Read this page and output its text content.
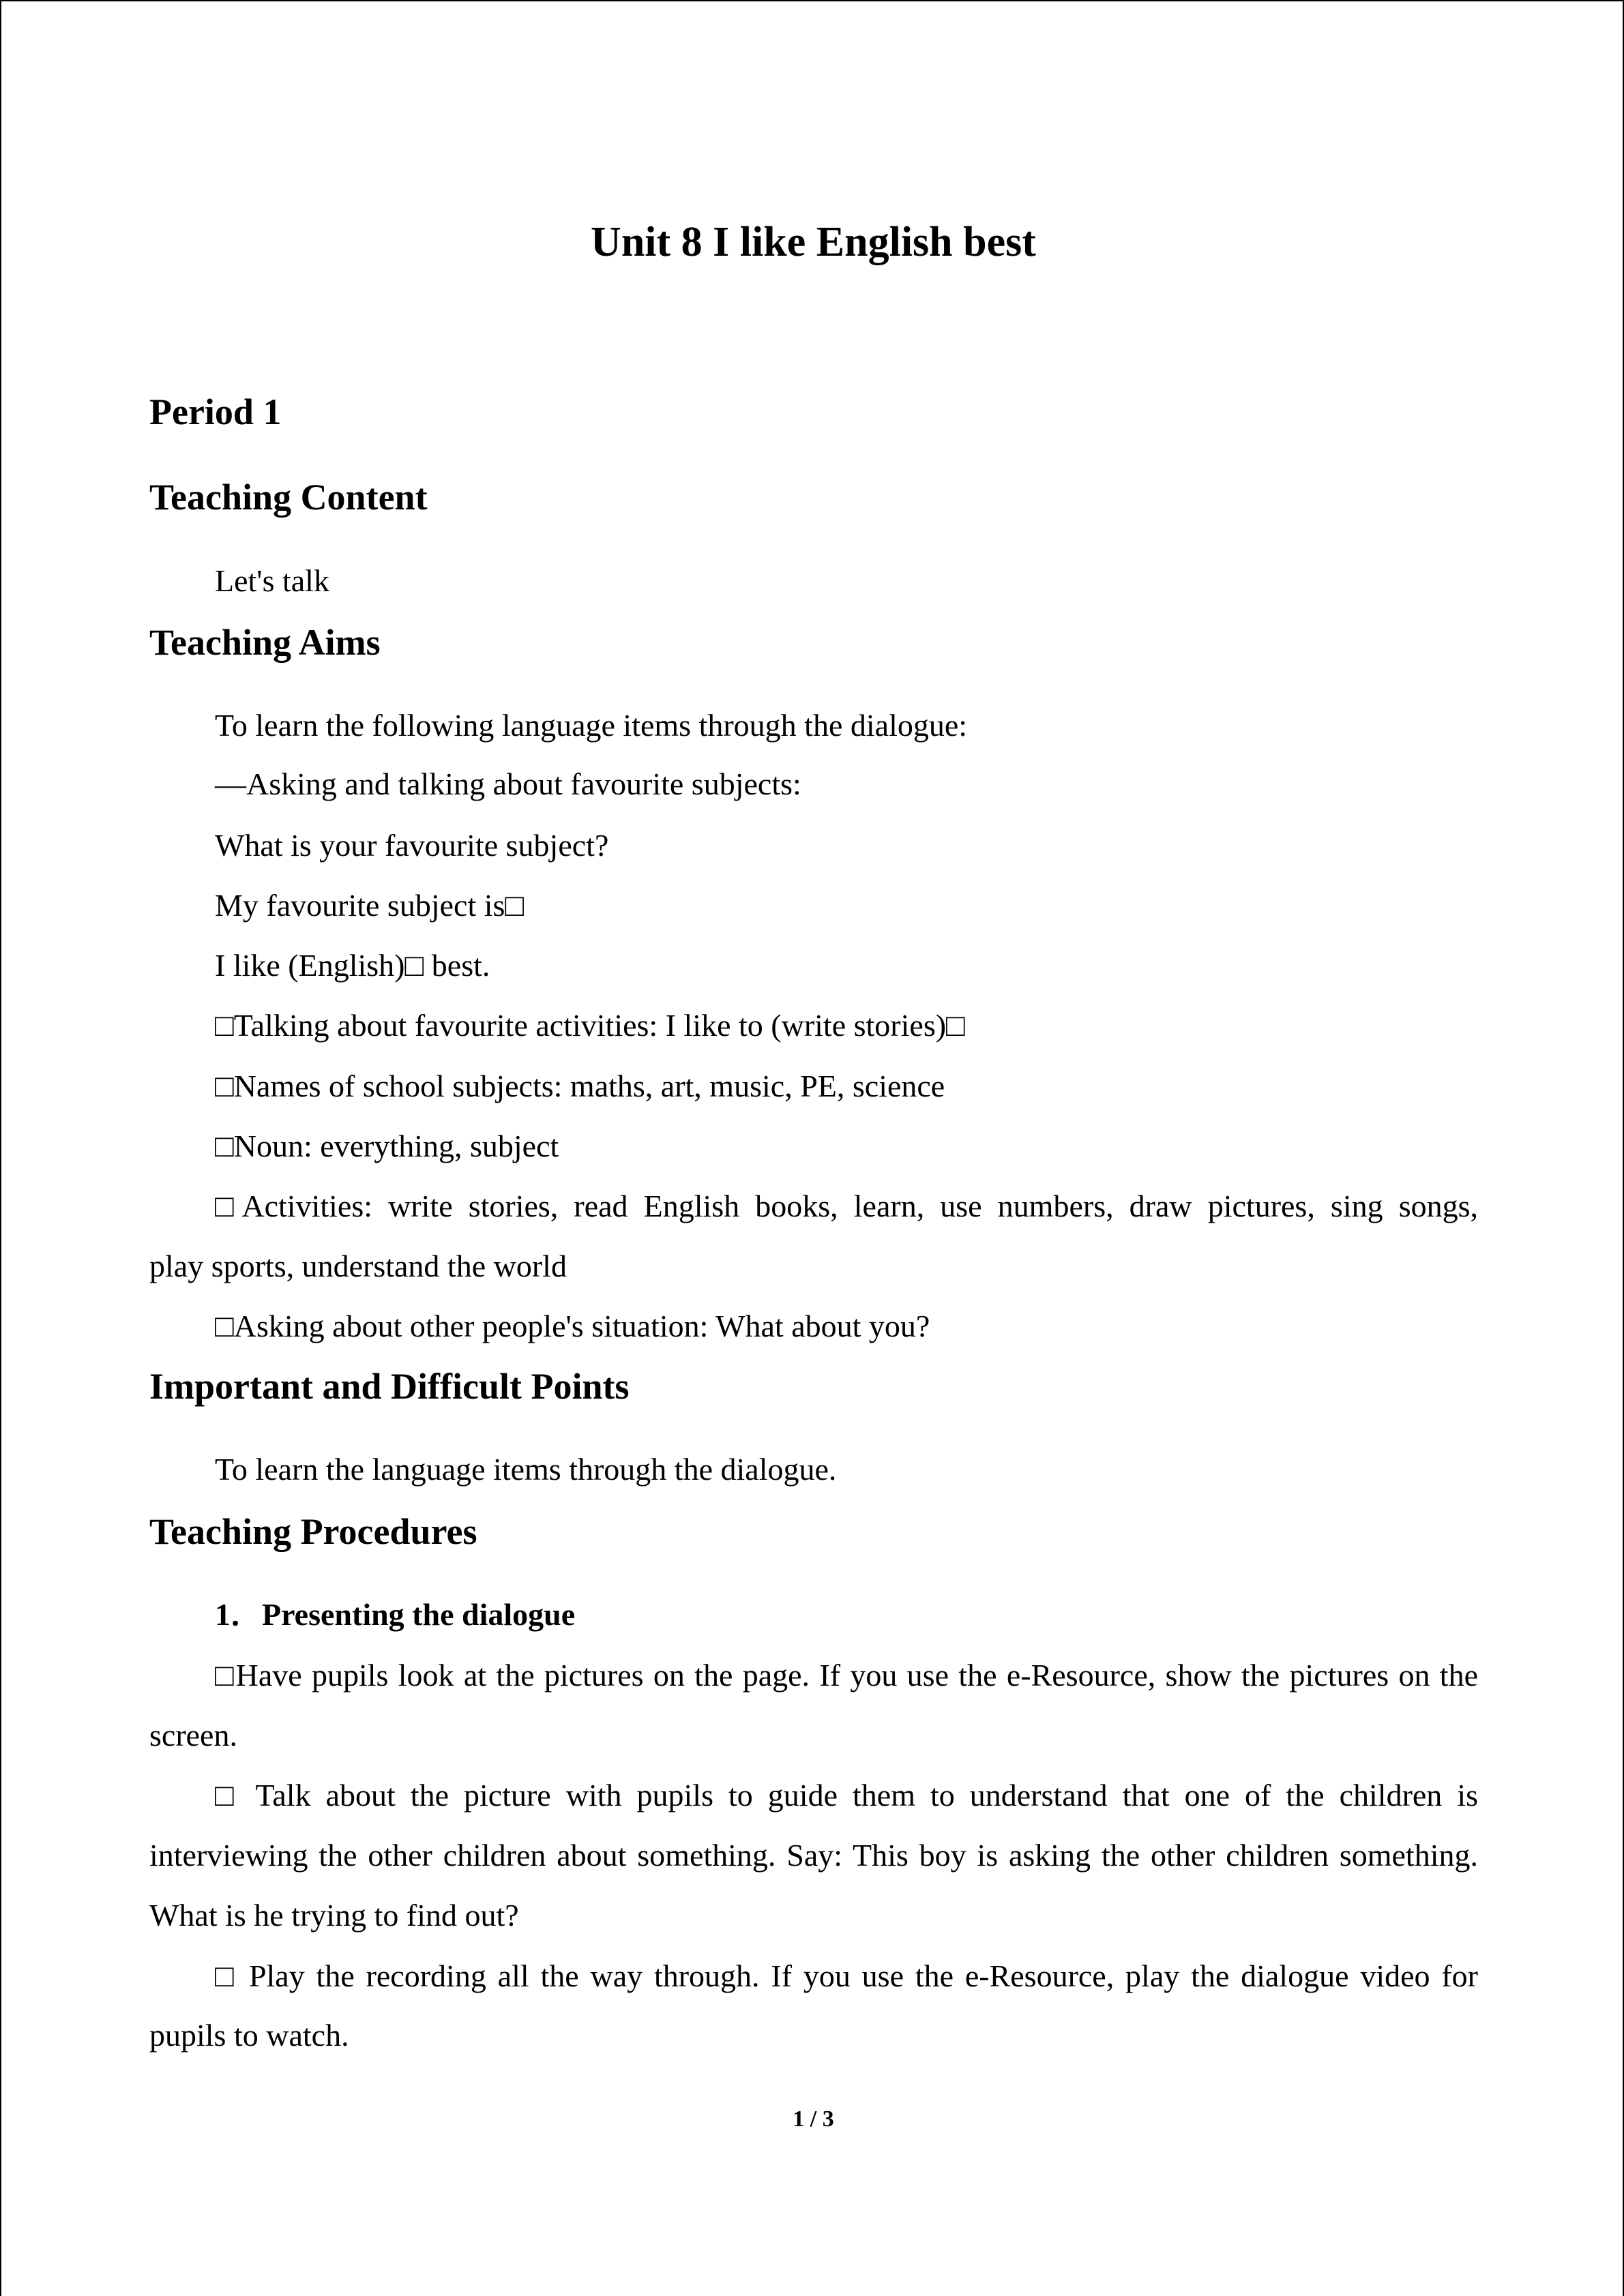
Unit 8 I like English best
Period 1
Teaching Content
Let's talk
Teaching Aims
To learn the following language items through the dialogue:
—Asking and talking about favourite subjects:
What is your favourite subject?
My favourite subject is□
I like (English)□ best.
□Talking about favourite activities: I like to (write stories)□
□Names of school subjects: maths, art, music, PE, science
□Noun: everything, subject
□Activities: write stories, read English books, learn, use numbers, draw pictures, sing songs,
play sports, understand the world
□Asking about other people's situation: What about you?
Important and Difficult Points
To learn the language items through the dialogue.
Teaching Procedures
1．Presenting the dialogue
□Have pupils look at the pictures on the page. If you use the e-Resource, show the pictures on the
screen.
□ Talk about the picture with pupils to guide them to understand that one of the children is
interviewing the other children about something. Say: This boy is asking the other children something.
What is he trying to find out?
□ Play the recording all the way through. If you use the e-Resource, play the dialogue video for
pupils to watch.
1 / 3
